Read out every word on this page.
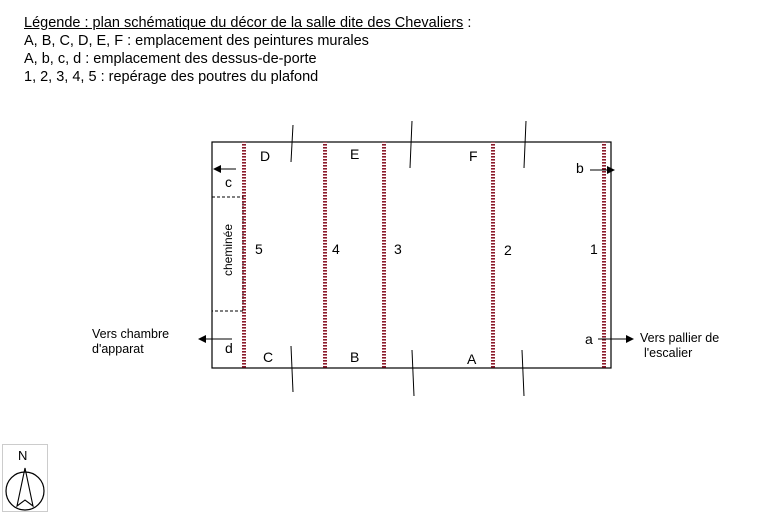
Légende : plan schématique du décor de la salle dite des Chevaliers :
A, B, C, D, E, F : emplacement des peintures murales
A, b, c, d : emplacement des dessus-de-porte
1, 2, 3, 4, 5 : repérage des poutres du plafond
D	E	F
b
c
d
a
C	B	A
5	4	3	2	1
cheminée
Vers chambre
d'apparat
Vers pallier de
l'escalier
N
